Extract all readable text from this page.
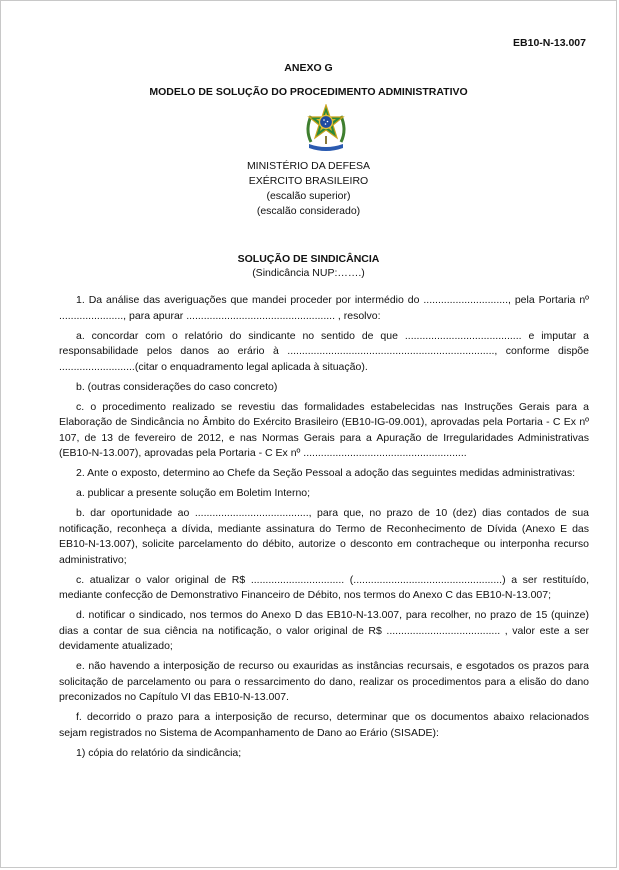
EB10-N-13.007
ANEXO G
MODELO DE SOLUÇÃO DO PROCEDIMENTO ADMINISTRATIVO
MINISTÉRIO DA DEFESA
EXÉRCITO BRASILEIRO
(escalão superior)
(escalão considerado)
SOLUÇÃO DE SINDICÂNCIA
(Sindicância NUP:…….)

1. Da análise das averiguações que mandei proceder por intermédio do ............................., pela Portaria nº ......................, para apurar ................................................... , resolvo:

a. concordar com o relatório do sindicante no sentido de que ........................................ e imputar a responsabilidade pelos danos ao erário à ......................................................................., conforme dispõe ..........................(citar o enquadramento legal aplicada à situação).

b. (outras considerações do caso concreto)

c. o procedimento realizado se revestiu das formalidades estabelecidas nas Instruções Gerais para a Elaboração de Sindicância no Âmbito do Exército Brasileiro (EB10-IG-09.001), aprovadas pela Portaria - C Ex nº 107, de 13 de fevereiro de 2012, e nas Normas Gerais para a Apuração de Irregularidades Administrativas (EB10-N-13.007), aprovadas pela Portaria - C Ex nº ........................................................

2. Ante o exposto, determino ao Chefe da Seção Pessoal a adoção das seguintes medidas administrativas:

a. publicar a presente solução em Boletim Interno;

b. dar oportunidade ao ......................................., para que, no prazo de 10 (dez) dias contados de sua notificação, reconheça a dívida, mediante assinatura do Termo de Reconhecimento de Dívida (Anexo E das EB10-N-13.007), solicite parcelamento do débito, autorize o desconto em contracheque ou interponha recurso administrativo;

c. atualizar o valor original de R$ ................................ (...................................................) a ser restituído, mediante confecção de Demonstrativo Financeiro de Débito, nos termos do Anexo C das EB10-N-13.007;

d. notificar o sindicado, nos termos do Anexo D das EB10-N-13.007, para recolher, no prazo de 15 (quinze) dias a contar de sua ciência na notificação, o valor original de R$ ....................................... , valor este a ser devidamente atualizado;

e. não havendo a interposição de recurso ou exauridas as instâncias recursais, e esgotados os prazos para solicitação de parcelamento ou para o ressarcimento do dano, realizar os procedimentos para a elisão do dano preconizados no Capítulo VI das EB10-N-13.007.

f. decorrido o prazo para a interposição de recurso, determinar que os documentos abaixo relacionados sejam registrados no Sistema de Acompanhamento de Dano ao Erário (SISADE):

1) cópia do relatório da sindicância;
